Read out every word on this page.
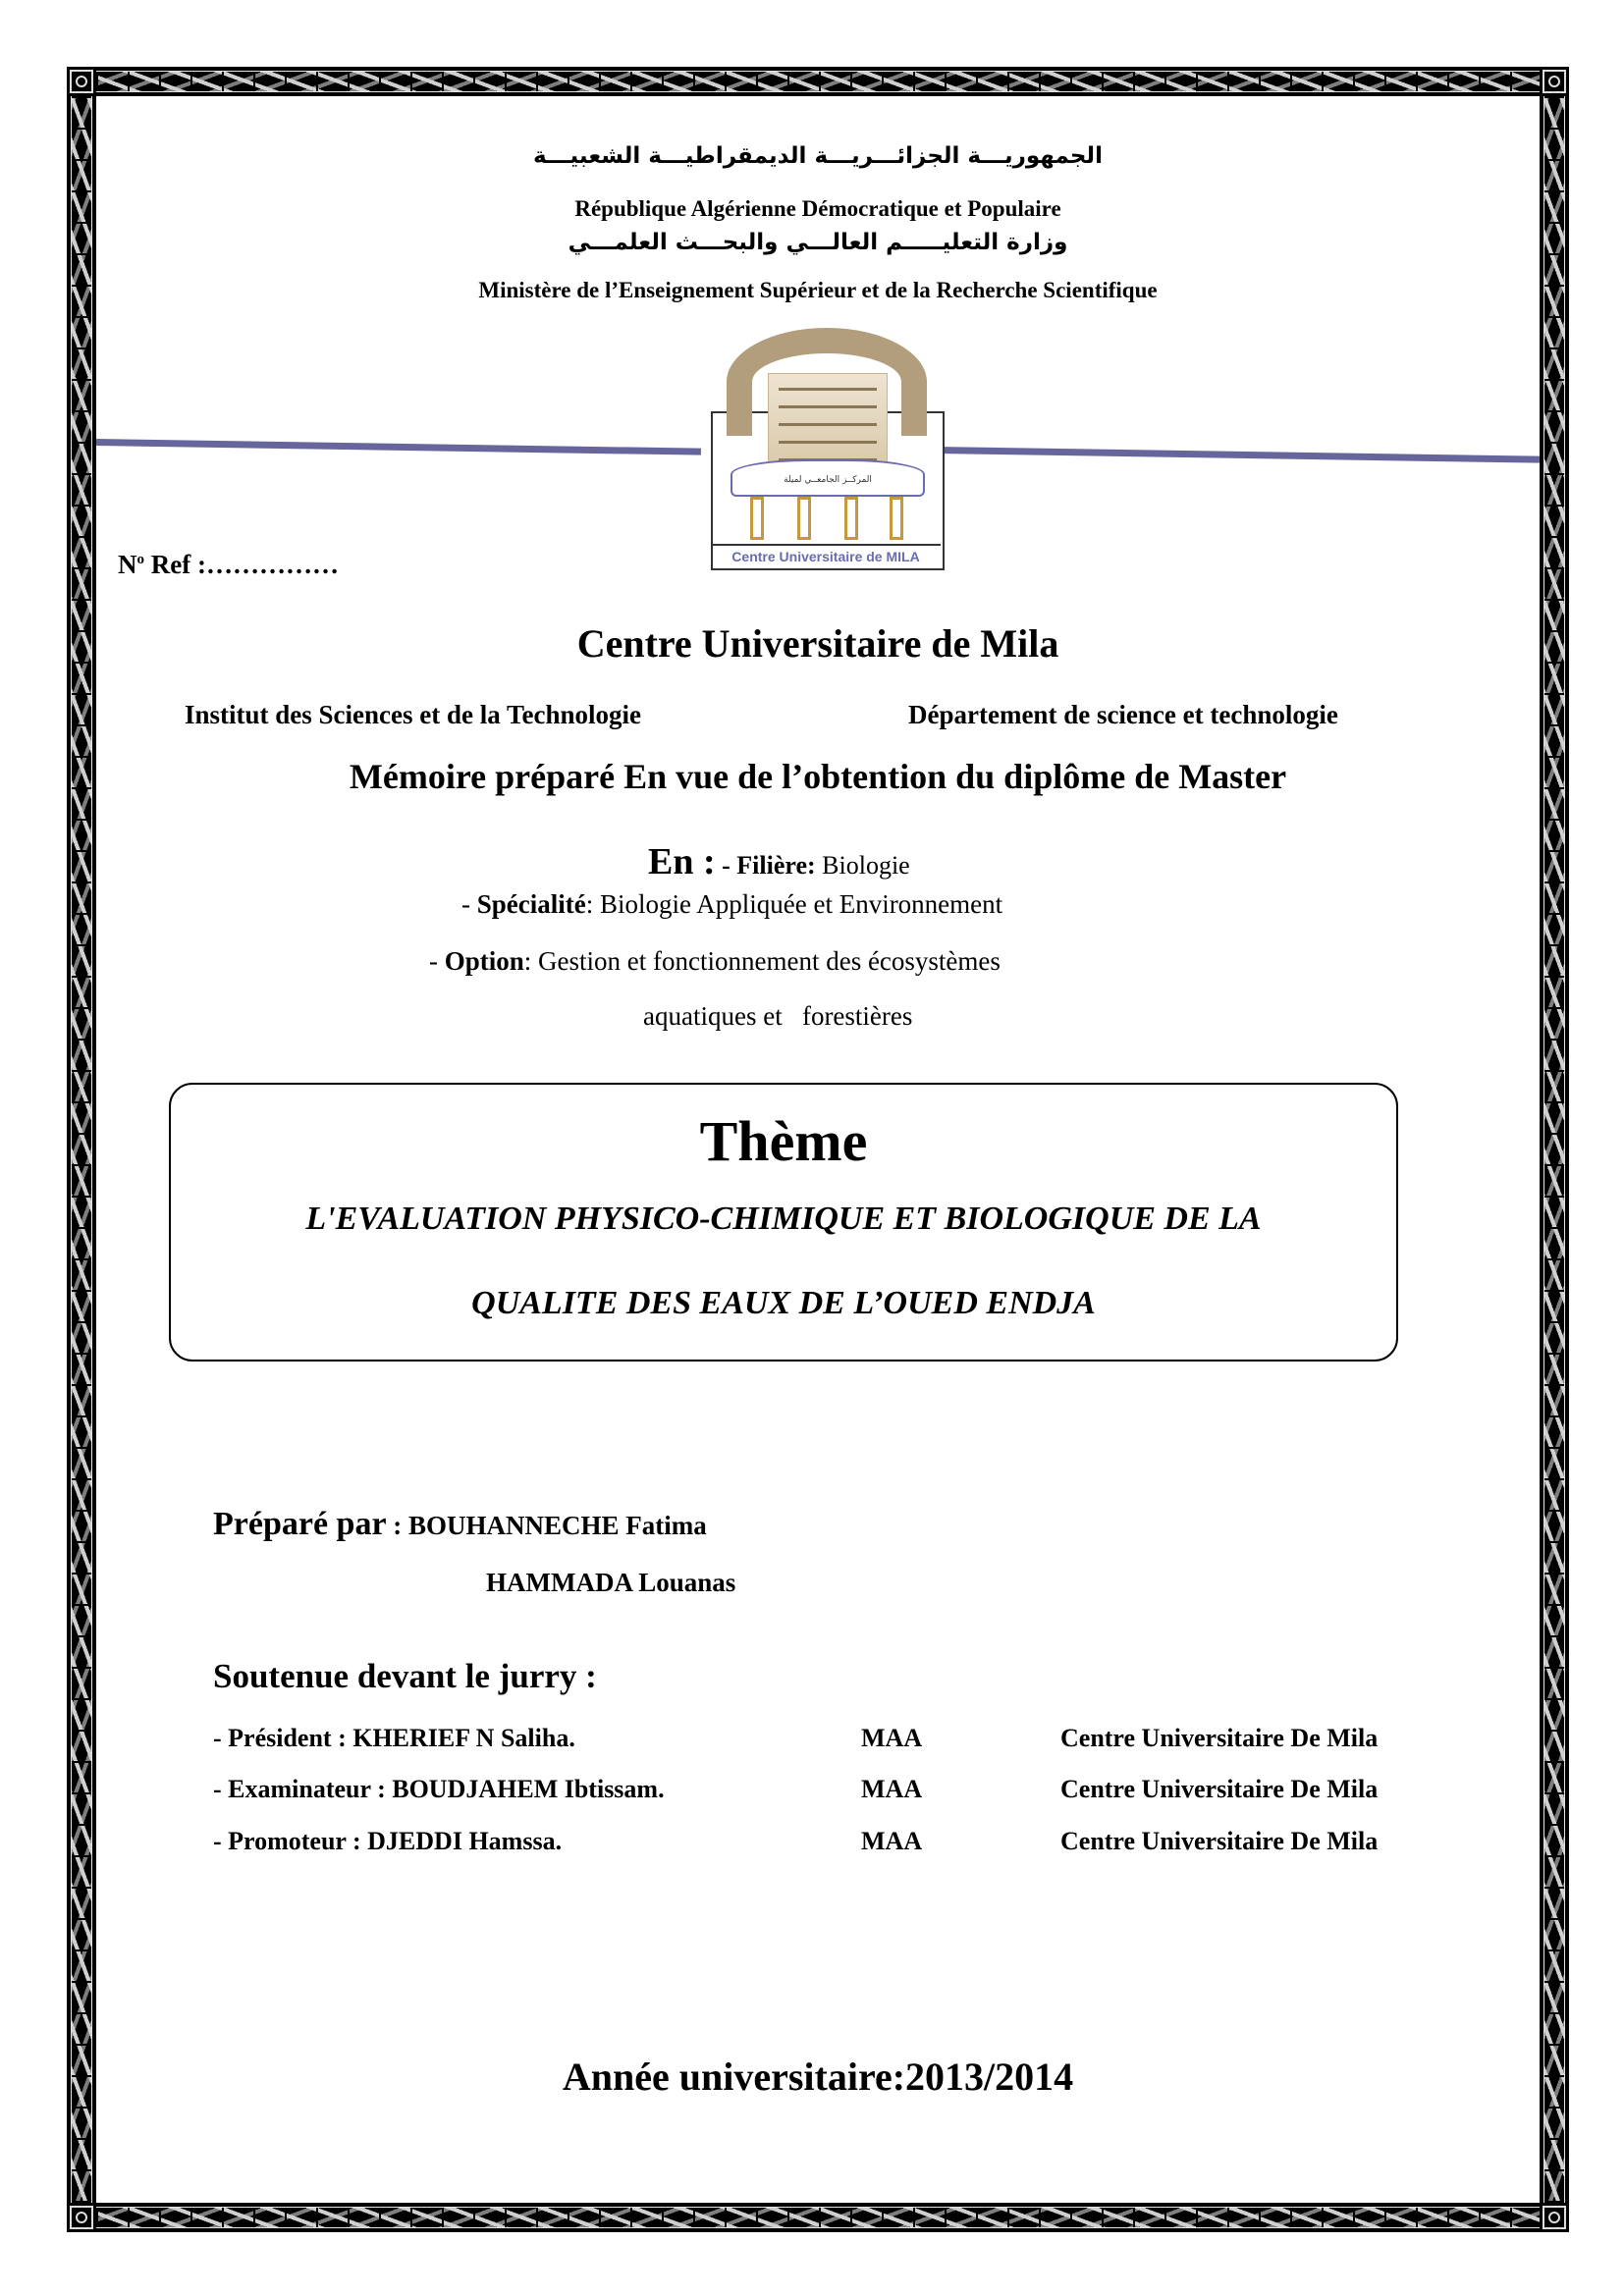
الجمهوريـــة الجزائـــريـــة الديمقراطيـــة الشعبيـــة
République Algérienne Démocratique et Populaire
وزارة التعليـــــم العالـــي والبحـــث العلمـــي
Ministère de l’Enseignement Supérieur et de la Recherche Scientifique
المركــز الجامعــي لميلة
Centre Universitaire de MILA
$N^o$ Ref :……………
Centre Universitaire de Mila
Institut des Sciences et de la Technologie	Département de science et technologie
Mémoire préparé En vue de l’obtention du diplôme de Master
En : - Filière: Biologie
- Spécialité: Biologie Appliquée et Environnement
- Option: Gestion et fonctionnement des écosystèmes
aquatiques et   forestières
Thème
L'EVALUATION PHYSICO-CHIMIQUE ET BIOLOGIQUE DE LA
QUALITE DES EAUX DE L’OUED ENDJA
Préparé par : BOUHANNECHE Fatima
HAMMADA Louanas
Soutenue devant le jurry :
- Président : KHERIEF N Saliha.	MAA	Centre Universitaire De Mila
- Examinateur : BOUDJAHEM Ibtissam.	MAA	Centre Universitaire De Mila
- Promoteur : DJEDDI Hamssa.	MAA	Centre Universitaire De Mila
Année universitaire:2013/2014
